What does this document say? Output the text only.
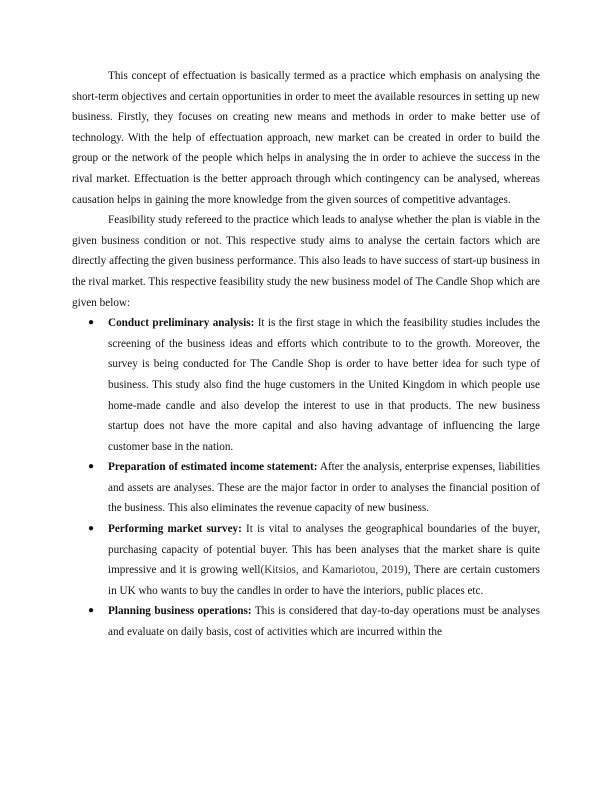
This concept of effectuation is basically termed as a practice which emphasis on analysing the short-term objectives and certain opportunities in order to meet the available resources in setting up new business. Firstly, they focuses on creating new means and methods in order to make better use of technology. With the help of effectuation approach, new market can be created in order to build the group or the network of the people which helps in analysing the in order to achieve the success in the rival market. Effectuation is the better approach through which contingency can be analysed, whereas causation helps in gaining the more knowledge from the given sources of competitive advantages.

Feasibility study refereed to the practice which leads to analyse whether the plan is viable in the given business condition or not. This respective study aims to analyse the certain factors which are directly affecting the given business performance. This also leads to have success of start-up business in the rival market. This respective feasibility study the new business model of The Candle Shop which are given below:

● Conduct preliminary analysis: It is the first stage in which the feasibility studies includes the screening of the business ideas and efforts which contribute to to the growth. Moreover, the survey is being conducted for The Candle Shop is order to have better idea for such type of business. This study also find the huge customers in the United Kingdom in which people use home-made candle and also develop the interest to use in that products. The new business startup does not have the more capital and also having advantage of influencing the large customer base in the nation.
● Preparation of estimated income statement: After the analysis, enterprise expenses, liabilities and assets are analyses. These are the major factor in order to analyses the financial position of the business. This also eliminates the revenue capacity of new business.
● Performing market survey: It is vital to analyses the geographical boundaries of the buyer, purchasing capacity of potential buyer. This has been analyses that the market share is quite impressive and it is growing well(Kitsios, and Kamariotou, 2019), There are certain customers in UK who wants to buy the candles in order to have the interiors, public places etc.
● Planning business operations: This is considered that day-to-day operations must be analyses and evaluate on daily basis, cost of activities which are incurred within the
